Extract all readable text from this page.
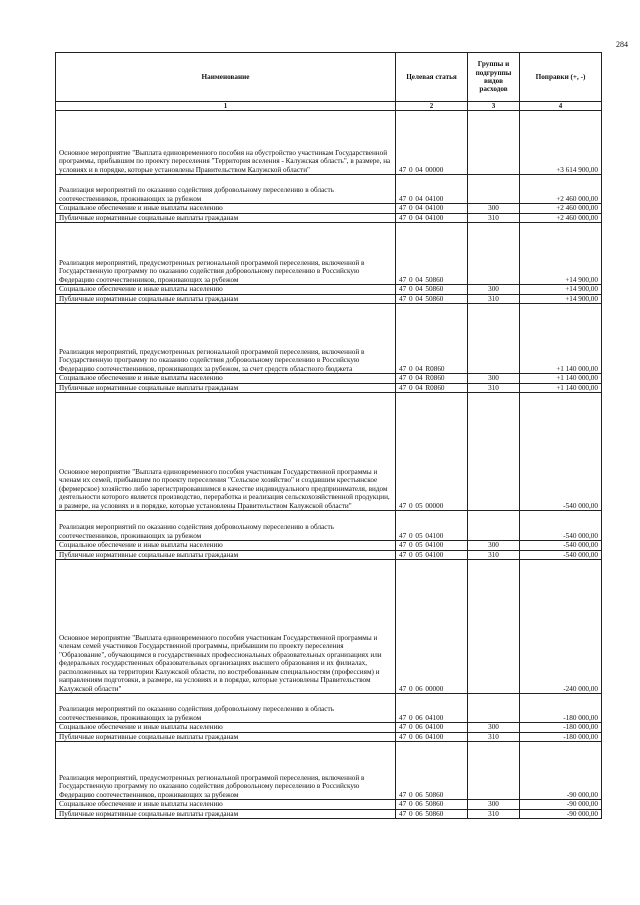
284
Наименование	Целевая статья	Группы и подгруппы видов расходов	Поправки (+, -)
1	2	3	4
Основное мероприятие "Выплата единовременного пособия на обустройство участникам Государственной программы, прибывшим по проекту переселения "Территория вселения - Калужская область", в размере, на условиях и в порядке, которые установлены Правительством Калужской области"	47 0 04 00000		+3 614 900,00
Реализация мероприятий по оказанию содействия добровольному переселению в область соотечественников, проживающих за рубежом	47 0 04 04100		+2 460 000,00
Социальное обеспечение и иные выплаты населению	47 0 04 04100	300	+2 460 000,00
Публичные нормативные социальные выплаты гражданам	47 0 04 04100	310	+2 460 000,00
Реализация мероприятий, предусмотренных региональной программой переселения, включенной в Государственную программу по оказанию содействия добровольному переселению в Российскую Федерацию соотечественников, проживающих за рубежом	47 0 04 50860		+14 900,00
Социальное обеспечение и иные выплаты населению	47 0 04 50860	300	+14 900,00
Публичные нормативные социальные выплаты гражданам	47 0 04 50860	310	+14 900,00
Реализация мероприятий, предусмотренных региональной программой переселения, включенной в Государственную программу по оказанию содействия добровольному переселению в Российскую Федерацию соотечественников, проживающих за рубежом, за счет средств областного бюджета	47 0 04 R0860		+1 140 000,00
Социальное обеспечение и иные выплаты населению	47 0 04 R0860	300	+1 140 000,00
Публичные нормативные социальные выплаты гражданам	47 0 04 R0860	310	+1 140 000,00
Основное мероприятие "Выплата единовременного пособия участникам Государственной программы и членам их семей, прибывшим по проекту переселения "Сельское хозяйство" и создавшим крестьянское (фермерское) хозяйство либо зарегистрировавшимся в качестве индивидуального предпринимателя, видом деятельности которого является производство, переработка и реализация сельскохозяйственной продукции, в размере, на условиях и в порядке, которые установлены Правительством Калужской области"	47 0 05 00000		-540 000,00
Реализация мероприятий по оказанию содействия добровольному переселению в область соотечественников, проживающих за рубежом	47 0 05 04100		-540 000,00
Социальное обеспечение и иные выплаты населению	47 0 05 04100	300	-540 000,00
Публичные нормативные социальные выплаты гражданам	47 0 05 04100	310	-540 000,00
Основное мероприятие "Выплата единовременного пособия участникам Государственной программы и членам семей участников Государственной программы, прибывшим по проекту переселения "Образование", обучающимся в государственных профессиональных образовательных организациях или федеральных государственных образовательных организациях высшего образования и их филиалах, расположенных на территории Калужской области, по востребованным специальностям (профессиям) и направлениям подготовки, в размере, на условиях и в порядке, которые установлены Правительством Калужской области"	47 0 06 00000		-240 000,00
Реализация мероприятий по оказанию содействия добровольному переселению в область соотечественников, проживающих за рубежом	47 0 06 04100		-180 000,00
Социальное обеспечение и иные выплаты населению	47 0 06 04100	300	-180 000,00
Публичные нормативные социальные выплаты гражданам	47 0 06 04100	310	-180 000,00
Реализация мероприятий, предусмотренных региональной программой переселения, включенной в Государственную программу по оказанию содействия добровольному переселению в Российскую Федерацию соотечественников, проживающих за рубежом	47 0 06 50860		-90 000,00
Социальное обеспечение и иные выплаты населению	47 0 06 50860	300	-90 000,00
Публичные нормативные социальные выплаты гражданам	47 0 06 50860	310	-90 000,00
